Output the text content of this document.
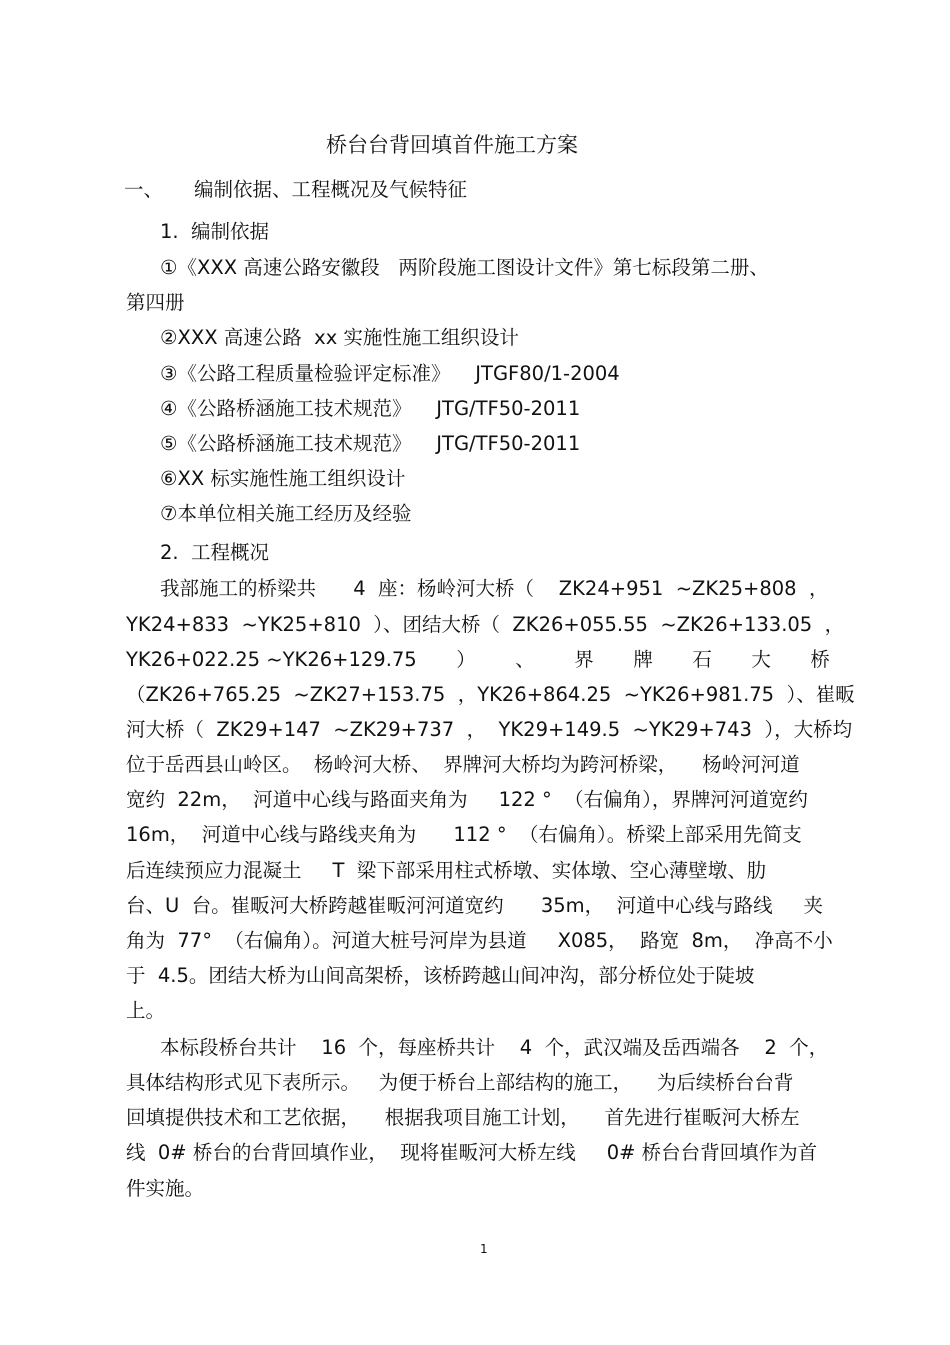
桥台台背回填首件施工方案
一、 编制依据、工程概况及气候特征
1.  编制依据
①《XXX 高速公路安徽段   两阶段施工图设计文件》第七标段第二册、
第四册
②XXX 高速公路  xx 实施性施工组织设计
③《公路工程质量检验评定标准》    JTGF80/1-2004
④《公路桥涵施工技术规范》    JTG/TF50-2011
⑤《公路桥涵施工技术规范》    JTG/TF50-2011
⑥XX 标实施性施工组织设计
⑦本单位相关施工经历及经验
2.  工程概况
我部施工的桥梁共      4  座：杨岭河大桥（    ZK24+951  ~ZK25+808  ，
YK24+833  ~YK25+810  ）、团结大桥（  ZK26+055.55  ~ZK26+133.05  ，
YK26+022.25 ~YK26+129.75 ） 、 界 牌 石 大 桥
（ZK26+765.25  ~ZK27+153.75  ，YK26+864.25  ~YK26+981.75  ）、崔畈
河大桥（  ZK29+147  ~ZK29+737  ，  YK29+149.5  ~YK29+743  ），大桥均
位于岳西县山岭区。  杨岭河大桥、  界牌河大桥均为跨河桥梁，    杨岭河河道
宽约  22m，  河道中心线与路面夹角为     122 °  （右偏角），界牌河河道宽约
16m，  河道中心线与路线夹角为      112 °  （右偏角）。桥梁上部采用先简支
后连续预应力混凝土     T  梁下部采用柱式桥墩、实体墩、空心薄壁墩、肋
台、U  台。崔畈河大桥跨越崔畈河河道宽约      35m，  河道中心线与路线     夹
角为  77°  （右偏角）。河道大桩号河岸为县道     X085，  路宽  8m，  净高不小
于  4.5。团结大桥为山间高架桥，该桥跨越山间冲沟，部分桥位处于陡坡
上。
本标段桥台共计    16  个，每座桥共计    4  个，武汉端及岳西端各    2  个，
具体结构形式见下表所示。   为便于桥台上部结构的施工，    为后续桥台台背
回填提供技术和工艺依据，    根据我项目施工计划，    首先进行崔畈河大桥左
线  0# 桥台的台背回填作业，  现将崔畈河大桥左线     0# 桥台台背回填作为首
件实施。
1
